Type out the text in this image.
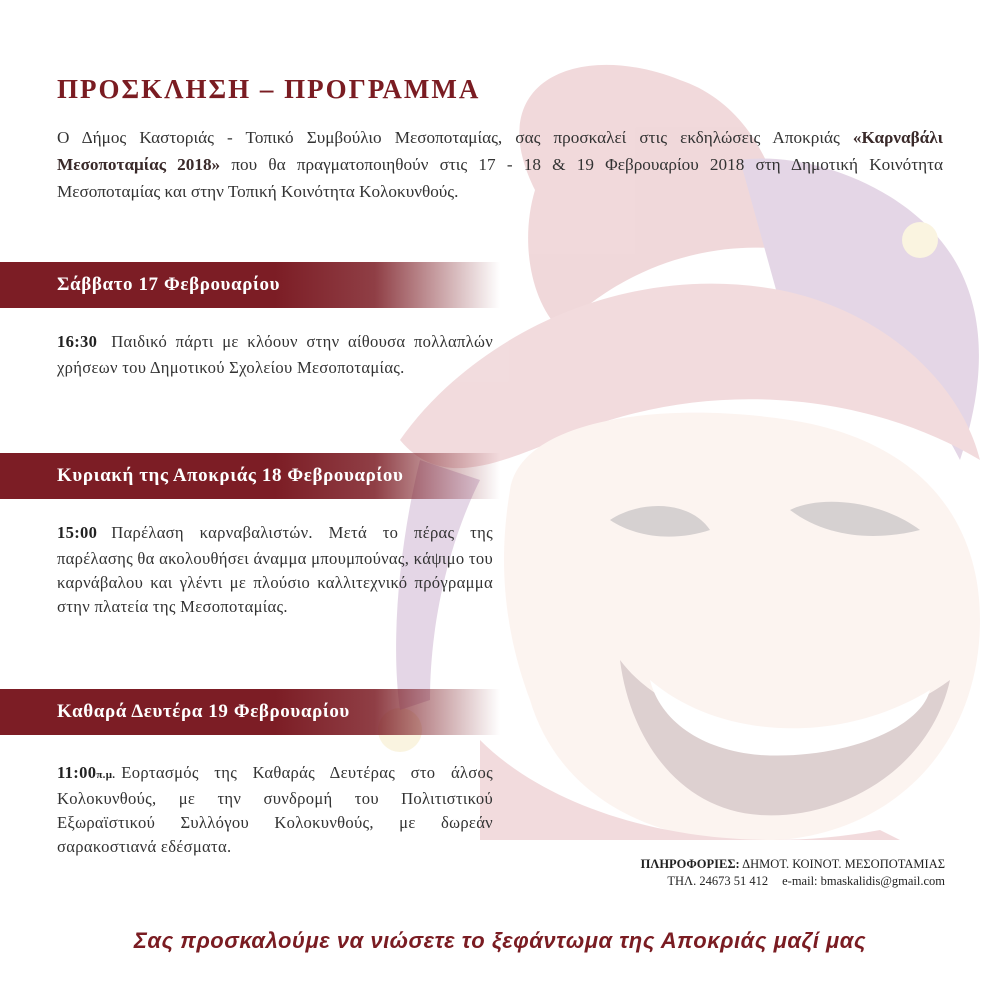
ΠΡΟΣΚΛΗΣΗ – ΠΡΟΓΡΑΜΜΑ

Ο Δήμος Καστοριάς - Τοπικό Συμβούλιο Μεσοποταμίας, σας προσκαλεί στις εκδηλώσεις Αποκριάς «Καρναβάλι Μεσοποταμίας 2018» που θα πραγματοποιηθούν στις 17 - 18 & 19 Φεβρουαρίου 2018 στη Δημοτική Κοινότητα Μεσοποταμίας και στην Τοπική Κοινότητα Κολοκυνθούς.

Σάββατο 17 Φεβρουαρίου

16:30 Παιδικό πάρτι με κλόουν στην αίθουσα πολλαπλών χρήσεων του Δημοτικού Σχολείου Μεσοποταμίας.

Κυριακή της Αποκριάς 18 Φεβρουαρίου

15:00 Παρέλαση καρναβαλιστών. Μετά το πέρας της παρέλασης θα ακολουθήσει άναμμα μπουμπούνας, κάψιμο του καρνάβαλου και γλέντι με πλούσιο καλλιτεχνικό πρόγραμμα στην πλατεία της Μεσοποταμίας.

Καθαρά Δευτέρα 19 Φεβρουαρίου

11:00π.μ. Εορτασμός της Καθαράς Δευτέρας στο άλσος Κολοκυνθούς, με την συνδρομή του Πολιτιστικού Εξωραϊστικού Συλλόγου Κολοκυνθούς, με δωρεάν σαρακοστιανά εδέσματα.

ΠΛΗΡΟΦΟΡΙΕΣ: ΔΗΜΟΤ. ΚΟΙΝΟΤ. ΜΕΣΟΠΟΤΑΜΙΑΣ
ΤΗΛ. 24673 51 412 e-mail: bmaskalidis@gmail.com
Σας προσκαλούμε να νιώσετε το ξεφάντωμα της Αποκριάς μαζί μας
